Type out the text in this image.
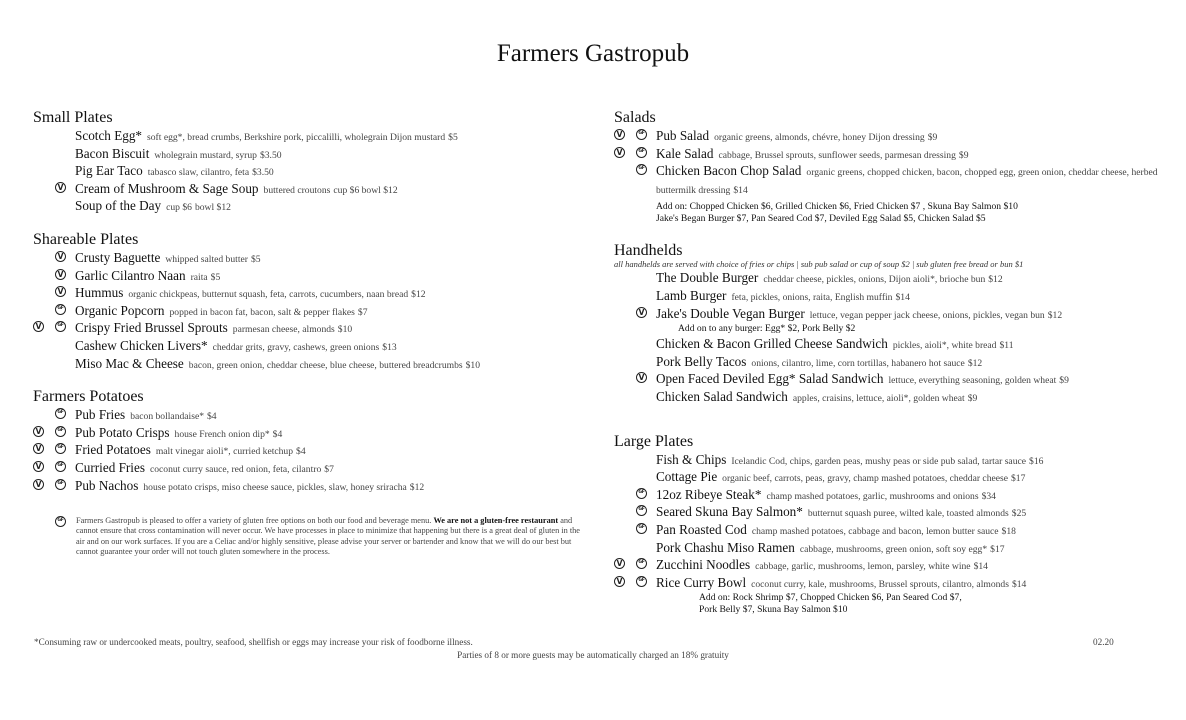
Farmers Gastropub
Small Plates
Scotch Egg* soft egg*, bread crumbs, Berkshire pork, piccalilli, wholegrain Dijon mustard $5
Bacon Biscuit wholegrain mustard, syrup $3.50
Pig Ear Taco tabasco slaw, cilantro, feta $3.50
V Cream of Mushroom & Sage Soup buttered croutons cup $6 bowl $12
Soup of the Day cup $6 bowl $12
Shareable Plates
V Crusty Baguette whipped salted butter $5
V Garlic Cilantro Naan raita $5
V Hummus organic chickpeas, butternut squash, feta, carrots, cucumbers, naan bread $12
GF Organic Popcorn popped in bacon fat, bacon, salt & pepper flakes $7
V	GF Crispy Fried Brussel Sprouts parmesan cheese, almonds $10
Cashew Chicken Livers* cheddar grits, gravy, cashews, green onions $13
Miso Mac & Cheese bacon, green onion, cheddar cheese, blue cheese, buttered breadcrumbs $10
Farmers Potatoes
GF Pub Fries bacon bollandaise* $4
V	GF Pub Potato Crisps house French onion dip* $4
V	GF Fried Potatoes malt vinegar aioli*, curried ketchup $4
V	GF Curried Fries coconut curry sauce, red onion, feta, cilantro $7
V	GF Pub Nachos house potato crisps, miso cheese sauce, pickles, slaw, honey sriracha $12
GF Farmers Gastropub is pleased to offer a variety of gluten free options on both our food and beverage menu. We are not a gluten-free restaurant and cannot ensure that cross contamination will never occur. We have processes in place to minimize that happening but there is a great deal of gluten in the air and on our work surfaces. If you are a Celiac and/or highly sensitive, please advise your server or bartender and know that we will do our best but cannot guarantee your order will not touch gluten somewhere in the process.
Salads
V	GF Pub Salad organic greens, almonds, chévre, honey Dijon dressing $9
V	GF Kale Salad cabbage, Brussel sprouts, sunflower seeds, parmesan dressing $9
GF Chicken Bacon Chop Salad organic greens, chopped chicken, bacon, chopped egg, green onion, cheddar cheese, herbed buttermilk dressing $14
Add on: Chopped Chicken $6, Grilled Chicken $6, Fried Chicken $7 , Skuna Bay Salmon $10
Jake's Began Burger $7, Pan Seared Cod $7, Deviled Egg Salad $5, Chicken Salad $5
Handhelds
all handhelds are served with choice of fries or chips | sub pub salad or cup of soup $2 | sub gluten free bread or bun $1
The Double Burger cheddar cheese, pickles, onions, Dijon aioli*, brioche bun $12
Lamb Burger feta, pickles, onions, raita, English muffin $14
V Jake's Double Vegan Burger lettuce, vegan pepper jack cheese, onions, pickles, vegan bun $12
Add on to any burger: Egg* $2, Pork Belly $2
Chicken & Bacon Grilled Cheese Sandwich pickles, aioli*, white bread $11
Pork Belly Tacos onions, cilantro, lime, corn tortillas, habanero hot sauce $12
V Open Faced Deviled Egg* Salad Sandwich lettuce, everything seasoning, golden wheat $9
Chicken Salad Sandwich apples, craisins, lettuce, aioli*, golden wheat $9
Large Plates
Fish & Chips Icelandic Cod, chips, garden peas, mushy peas or side pub salad, tartar sauce $16
Cottage Pie organic beef, carrots, peas, gravy, champ mashed potatoes, cheddar cheese $17
GF 12oz Ribeye Steak* champ mashed potatoes, garlic, mushrooms and onions $34
GF Seared Skuna Bay Salmon* butternut squash puree, wilted kale, toasted almonds $25
GF Pan Roasted Cod champ mashed potatoes, cabbage and bacon, lemon butter sauce $18
Pork Chashu Miso Ramen cabbage, mushrooms, green onion, soft soy egg* $17
V	GF Zucchini Noodles cabbage, garlic, mushrooms, lemon, parsley, white wine $14
V	GF Rice Curry Bowl coconut curry, kale, mushrooms, Brussel sprouts, cilantro, almonds $14
Add on: Rock Shrimp $7, Chopped Chicken $6, Pan Seared Cod $7,
Pork Belly $7, Skuna Bay Salmon $10
*Consuming raw or undercooked meats, poultry, seafood, shellfish or eggs may increase your risk of foodborne illness.	02.20
Parties of 8 or more guests may be automatically charged an 18% gratuity
